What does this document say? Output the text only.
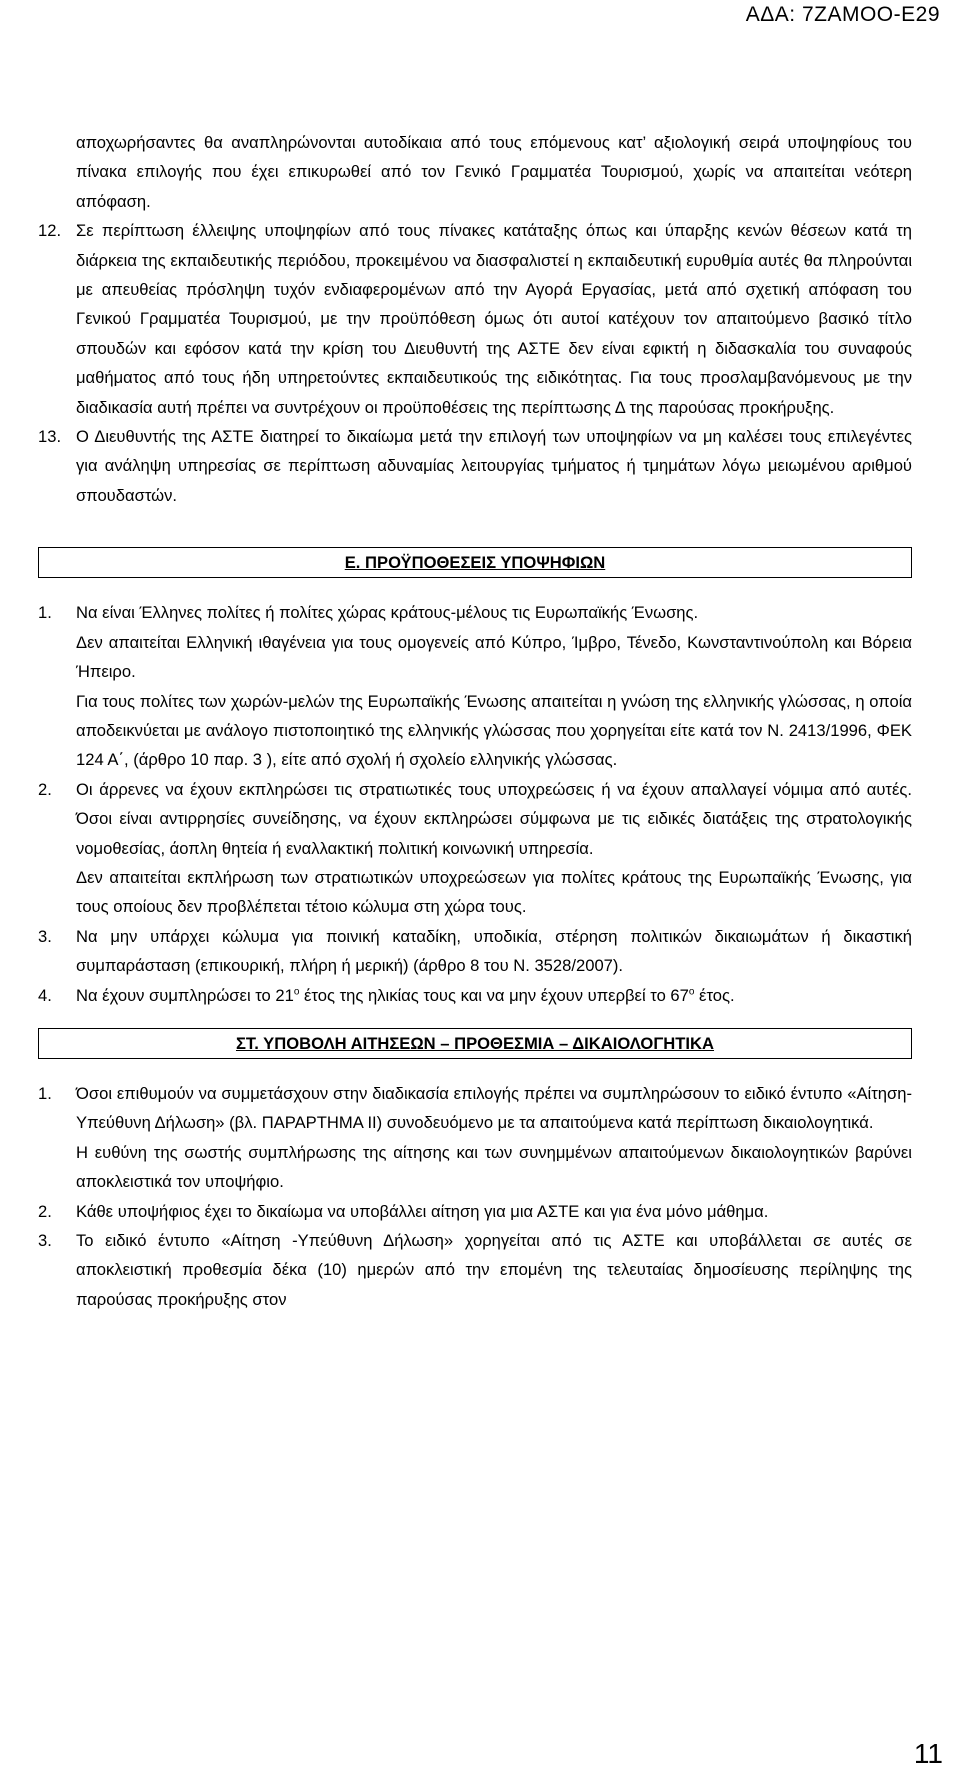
ΑΔΑ: 7ΖΑΜΟΟ-Ε29
αποχωρήσαντες θα αναπληρώνονται αυτοδίκαια από τους επόμενους κατ’ αξιολογική σειρά υποψηφίους του πίνακα επιλογής που έχει επικυρωθεί από τον Γενικό Γραμματέα Τουρισμού, χωρίς να απαιτείται νεότερη απόφαση.
12. Σε περίπτωση έλλειψης υποψηφίων από τους πίνακες κατάταξης όπως και ύπαρξης κενών θέσεων κατά τη διάρκεια της εκπαιδευτικής περιόδου, προκειμένου να διασφαλιστεί η εκπαιδευτική ευρυθμία αυτές θα πληρούνται με απευθείας πρόσληψη τυχόν ενδιαφερομένων από την Αγορά Εργασίας, μετά από σχετική απόφαση του Γενικού Γραμματέα Τουρισμού, με την προϋπόθεση όμως ότι αυτοί κατέχουν τον απαιτούμενο βασικό τίτλο σπουδών και εφόσον κατά την κρίση του Διευθυντή της ΑΣΤΕ δεν είναι εφικτή η διδασκαλία του συναφούς μαθήματος από τους ήδη υπηρετούντες εκπαιδευτικούς της ειδικότητας. Για τους προσλαμβανόμενους με την διαδικασία αυτή πρέπει να συντρέχουν οι προϋποθέσεις της περίπτωσης Δ της παρούσας προκήρυξης.

13. Ο Διευθυντής της ΑΣΤΕ διατηρεί το δικαίωμα μετά την επιλογή των υποψηφίων να μη καλέσει τους επιλεγέντες για ανάληψη υπηρεσίας σε περίπτωση αδυναμίας λειτουργίας τμήματος ή τμημάτων λόγω μειωμένου αριθμού σπουδαστών.

Ε. ΠΡΟΫΠΟΘΕΣΕΙΣ ΥΠΟΨΗΦΙΩΝ
1. Να είναι Έλληνες πολίτες ή πολίτες χώρας κράτους-μέλους τις Ευρωπαϊκής Ένωσης.

Δεν απαιτείται Ελληνική ιθαγένεια για τους ομογενείς από Κύπρο, Ίμβρο, Τένεδο, Κωνσταντινούπολη και Βόρεια Ήπειρο.

Για τους πολίτες των χωρών-μελών της Ευρωπαϊκής Ένωσης απαιτείται η γνώση της ελληνικής γλώσσας, η οποία αποδεικνύεται με ανάλογο πιστοποιητικό της ελληνικής γλώσσας που χορηγείται είτε κατά τον Ν. 2413/1996, ΦΕΚ 124 Α΄, (άρθρο 10 παρ. 3 ), είτε από σχολή ή σχολείο ελληνικής γλώσσας.

2. Οι άρρενες να έχουν εκπληρώσει τις στρατιωτικές τους υποχρεώσεις ή να έχουν απαλλαγεί νόμιμα από αυτές. Όσοι είναι αντιρρησίες συνείδησης, να έχουν εκπληρώσει σύμφωνα με τις ειδικές διατάξεις της στρατολογικής νομοθεσίας, άοπλη θητεία ή εναλλακτική πολιτική κοινωνική υπηρεσία.

Δεν απαιτείται εκπλήρωση των στρατιωτικών υποχρεώσεων για πολίτες κράτους της Ευρωπαϊκής Ένωσης, για τους οποίους δεν προβλέπεται τέτοιο κώλυμα στη χώρα τους.

3. Να μην υπάρχει κώλυμα για ποινική καταδίκη, υποδικία, στέρηση πολιτικών δικαιωμάτων ή δικαστική συμπαράσταση (επικουρική, πλήρη ή μερική) (άρθρο 8 του Ν. 3528/2007).

4. Να έχουν συμπληρώσει το $21^o$ έτος της ηλικίας τους και να μην έχουν υπερβεί το $67^o$ έτος.

ΣΤ. ΥΠΟΒΟΛΗ ΑΙΤΗΣΕΩΝ – ΠΡΟΘΕΣΜΙΑ – ΔΙΚΑΙΟΛΟΓΗΤΙΚΑ
1. Όσοι επιθυμούν να συμμετάσχουν στην διαδικασία επιλογής πρέπει να συμπληρώσουν το ειδικό έντυπο «Αίτηση-Υπεύθυνη Δήλωση» (βλ. ΠΑΡΑΡΤΗΜΑ ΙΙ) συνοδευόμενο με τα απαιτούμενα κατά περίπτωση δικαιολογητικά.

Η ευθύνη της σωστής συμπλήρωσης της αίτησης και των συνημμένων απαιτούμενων δικαιολογητικών βαρύνει αποκλειστικά τον υποψήφιο.

2. Κάθε υποψήφιος έχει το δικαίωμα να υποβάλλει αίτηση για μια ΑΣΤΕ και για ένα μόνο μάθημα.

3. Το ειδικό έντυπο «Αίτηση -Υπεύθυνη Δήλωση» χορηγείται από τις ΑΣΤΕ και υποβάλλεται σε αυτές σε αποκλειστική προθεσμία δέκα (10) ημερών από την επομένη της τελευταίας δημοσίευσης περίληψης της παρούσας προκήρυξης στον

11
